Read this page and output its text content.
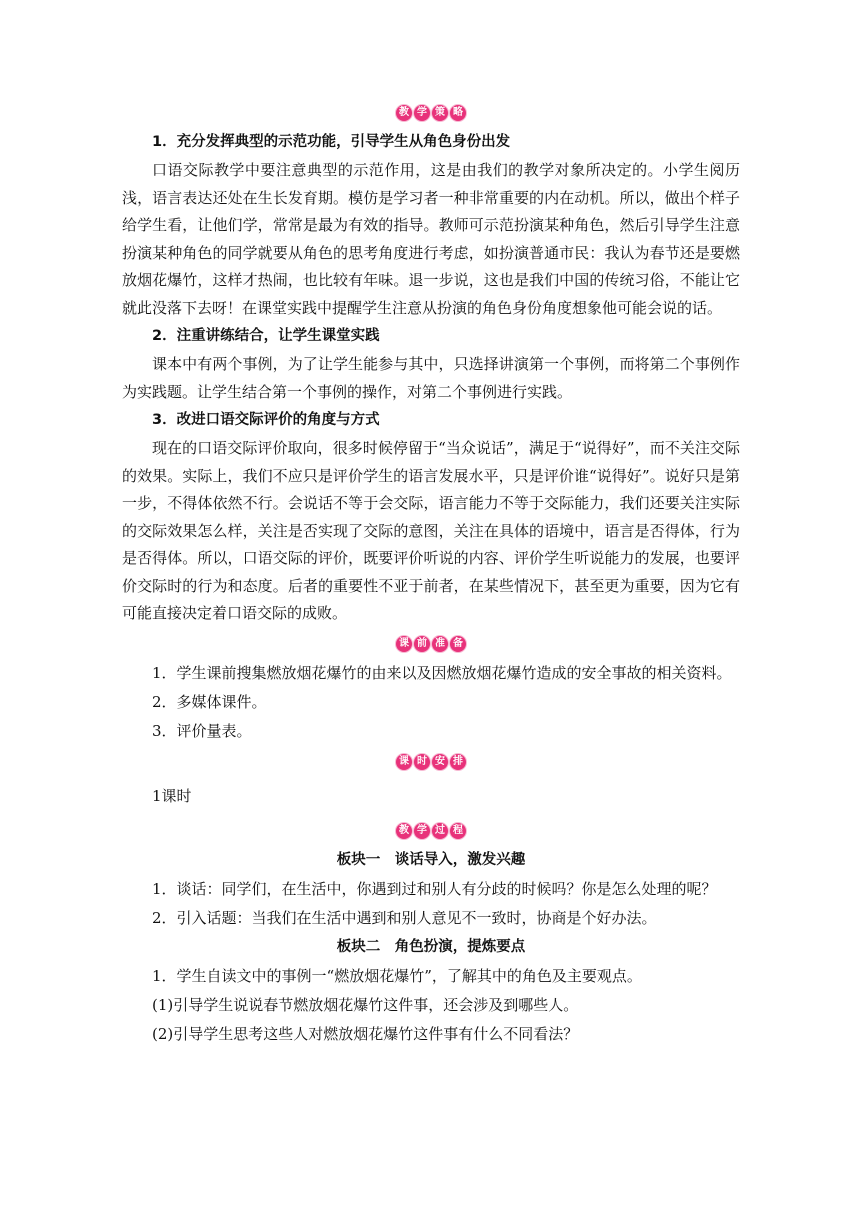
教 学 策 略

1．充分发挥典型的示范功能，引导学生从角色身份出发

口语交际教学中要注意典型的示范作用，这是由我们的教学对象所决定的。小学生阅历浅，语言表达还处在生长发育期。模仿是学习者一种非常重要的内在动机。所以，做出个样子给学生看，让他们学，常常是最为有效的指导。教师可示范扮演某种角色，然后引导学生注意扮演某种角色的同学就要从角色的思考角度进行考虑，如扮演普通市民：我认为春节还是要燃放烟花爆竹，这样才热闹，也比较有年味。退一步说，这也是我们中国的传统习俗，不能让它就此没落下去呀！在课堂实践中提醒学生注意从扮演的角色身份角度想象他可能会说的话。

2．注重讲练结合，让学生课堂实践

课本中有两个事例，为了让学生能参与其中，只选择讲演第一个事例，而将第二个事例作为实践题。让学生结合第一个事例的操作，对第二个事例进行实践。

3．改进口语交际评价的角度与方式

现在的口语交际评价取向，很多时候停留于“当众说话”，满足于“说得好”，而不关注交际的效果。实际上，我们不应只是评价学生的语言发展水平，只是评价谁“说得好”。说好只是第一步，不得体依然不行。会说话不等于会交际，语言能力不等于交际能力，我们还要关注实际的交际效果怎么样，关注是否实现了交际的意图，关注在具体的语境中，语言是否得体，行为是否得体。所以，口语交际的评价，既要评价听说的内容、评价学生听说能力的发展，也要评价交际时的行为和态度。后者的重要性不亚于前者，在某些情况下，甚至更为重要，因为它有可能直接决定着口语交际的成败。

课 前 准 备

1．学生课前搜集燃放烟花爆竹的由来以及因燃放烟花爆竹造成的安全事故的相关资料。

2．多媒体课件。

3．评价量表。

课 时 安 排

1课时

教 学 过 程

板块一　谈话导入，激发兴趣

1．谈话：同学们，在生活中，你遇到过和别人有分歧的时候吗？你是怎么处理的呢？

2．引入话题：当我们在生活中遇到和别人意见不一致时，协商是个好办法。

板块二　角色扮演，提炼要点

1．学生自读文中的事例一“燃放烟花爆竹”，了解其中的角色及主要观点。

(1)引导学生说说春节燃放烟花爆竹这件事，还会涉及到哪些人。

(2)引导学生思考这些人对燃放烟花爆竹这件事有什么不同看法？
